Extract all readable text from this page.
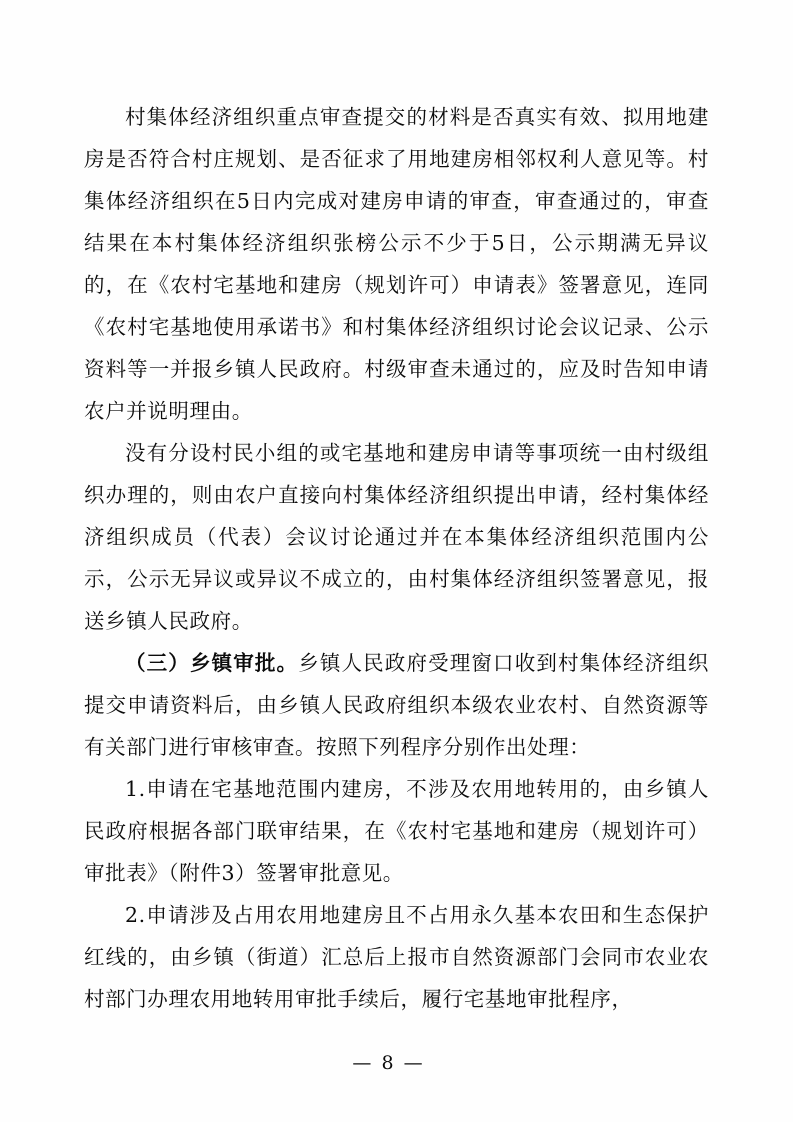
村集体经济组织重点审查提交的材料是否真实有效、拟用地建房是否符合村庄规划、是否征求了用地建房相邻权利人意见等。村集体经济组织在5日内完成对建房申请的审查，审查通过的，审查结果在本村集体经济组织张榜公示不少于5日，公示期满无异议的，在《农村宅基地和建房（规划许可）申请表》签署意见，连同《农村宅基地使用承诺书》和村集体经济组织讨论会议记录、公示资料等一并报乡镇人民政府。村级审查未通过的，应及时告知申请农户并说明理由。

没有分设村民小组的或宅基地和建房申请等事项统一由村级组织办理的，则由农户直接向村集体经济组织提出申请，经村集体经济组织成员（代表）会议讨论通过并在本集体经济组织范围内公示，公示无异议或异议不成立的，由村集体经济组织签署意见，报送乡镇人民政府。

（三）乡镇审批。乡镇人民政府受理窗口收到村集体经济组织提交申请资料后，由乡镇人民政府组织本级农业农村、自然资源等有关部门进行审核审查。按照下列程序分别作出处理：

1.申请在宅基地范围内建房，不涉及农用地转用的，由乡镇人民政府根据各部门联审结果，在《农村宅基地和建房（规划许可）审批表》（附件3）签署审批意见。

2.申请涉及占用农用地建房且不占用永久基本农田和生态保护红线的，由乡镇（街道）汇总后上报市自然资源部门会同市农业农村部门办理农用地转用审批手续后，履行宅基地审批程序，

— 8 —
